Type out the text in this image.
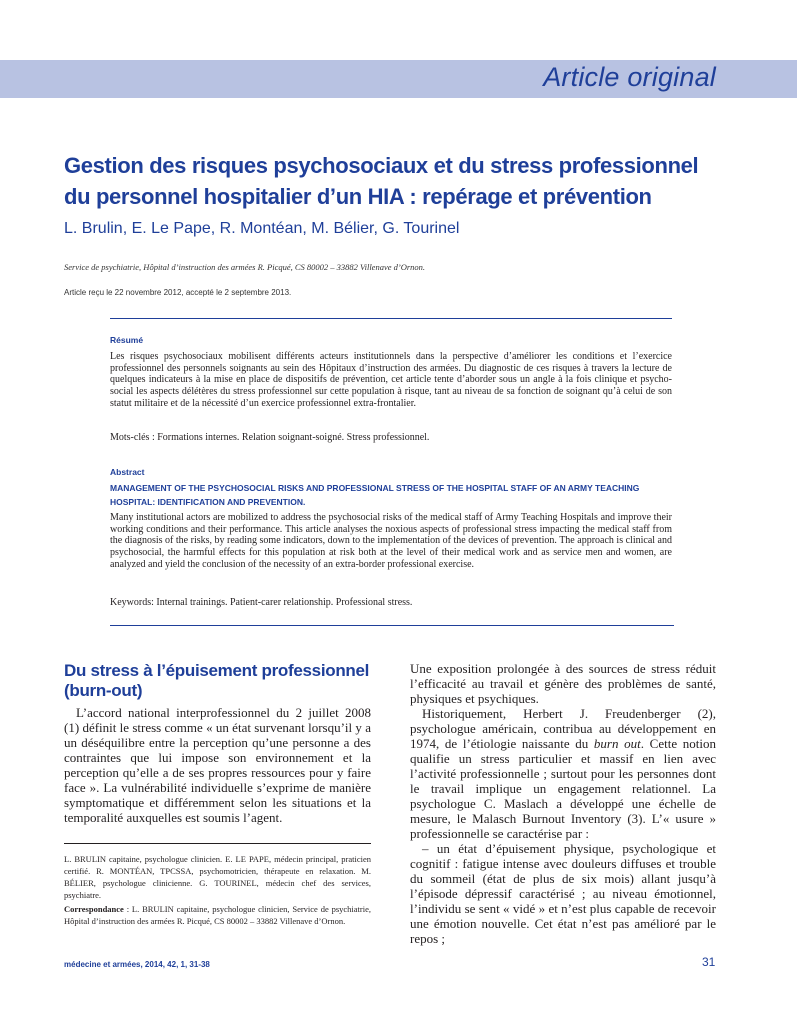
Article original
Gestion des risques psychosociaux et du stress professionnel du personnel hospitalier d’un HIA : repérage et prévention

L. Brulin, E. Le Pape, R. Montéan, M. Bélier, G. Tourinel

Service de psychiatrie, Hôpital d’instruction des armées R. Picqué, CS 80002 – 33882 Villenave d’Ornon.

Article reçu le 22 novembre 2012, accepté le 2 septembre 2013.

Résumé

Les risques psychosociaux mobilisent différents acteurs institutionnels dans la perspective d’améliorer les conditions et l’exercice professionnel des personnels soignants au sein des Hôpitaux d’instruction des armées. Du diagnostic de ces risques à travers la lecture de quelques indicateurs à la mise en place de dispositifs de prévention, cet article tente d’aborder sous un angle à la fois clinique et psycho-social les aspects délétères du stress professionnel sur cette population à risque, tant au niveau de sa fonction de soignant qu’à celui de son statut militaire et de la nécessité d’un exercice professionnel extra-frontalier.

Mots-clés : Formations internes. Relation soignant-soigné. Stress professionnel.

Abstract

MANAGEMENT OF THE PSYCHOSOCIAL RISKS AND PROFESSIONAL STRESS OF THE HOSPITAL STAFF OF AN ARMY TEACHING HOSPITAL: IDENTIFICATION AND PREVENTION.

Many institutional actors are mobilized to address the psychosocial risks of the medical staff of Army Teaching Hospitals and improve their working conditions and their performance. This article analyses the noxious aspects of professional stress impacting the medical staff from the diagnosis of the risks, by reading some indicators, down to the implementation of the devices of prevention. The approach is clinical and psychosocial, the harmful effects for this population at risk both at the level of their medical work and as service men and women, are analyzed and yield the conclusion of the necessity of an extra-border professional exercise.

Keywords: Internal trainings. Patient-carer relationship. Professional stress.

Du stress à l’épuisement professionnel (burn-out)

L’accord national interprofessionnel du 2 juillet 2008 (1) définit le stress comme « un état survenant lorsqu’il y a un déséquilibre entre la perception qu’une personne a des contraintes que lui impose son environnement et la perception qu’elle a de ses propres ressources pour y faire face ». La vulnérabilité individuelle s’exprime de manière symptomatique et différemment selon les situations et la temporalité auxquelles est soumis l’agent.

L. BRULIN capitaine, psychologue clinicien. E. LE PAPE, médecin principal, praticien certifié. R. MONTÉAN, TPCSSA, psychomotricien, thérapeute en relaxation. M. BÉLIER, psychologue clinicienne. G. TOURINEL, médecin chef des services, psychiatre.

Correspondance : L. BRULIN capitaine, psychologue clinicien, Service de psychiatrie, Hôpital d’instruction des armées R. Picqué, CS 80002 – 33882 Villenave d’Ornon.

Une exposition prolongée à des sources de stress réduit l’efficacité au travail et génère des problèmes de santé, physiques et psychiques.

Historiquement, Herbert J. Freudenberger (2), psychologue américain, contribua au développement en 1974, de l’étiologie naissante du burn out. Cette notion qualifie un stress particulier et massif en lien avec l’activité professionnelle ; surtout pour les personnes dont le travail implique un engagement relationnel. La psychologue C. Maslach a développé une échelle de mesure, le Malasch Burnout Inventory (3). L’« usure » professionnelle se caractérise par :

– un état d’épuisement physique, psychologique et cognitif : fatigue intense avec douleurs diffuses et trouble du sommeil (état de plus de six mois) allant jusqu’à l’épisode dépressif caractérisé ; au niveau émotionnel, l’individu se sent « vidé » et n’est plus capable de recevoir une émotion nouvelle. Cet état n’est pas amélioré par le repos ;

médecine et armées, 2014, 42, 1, 31-38	31
